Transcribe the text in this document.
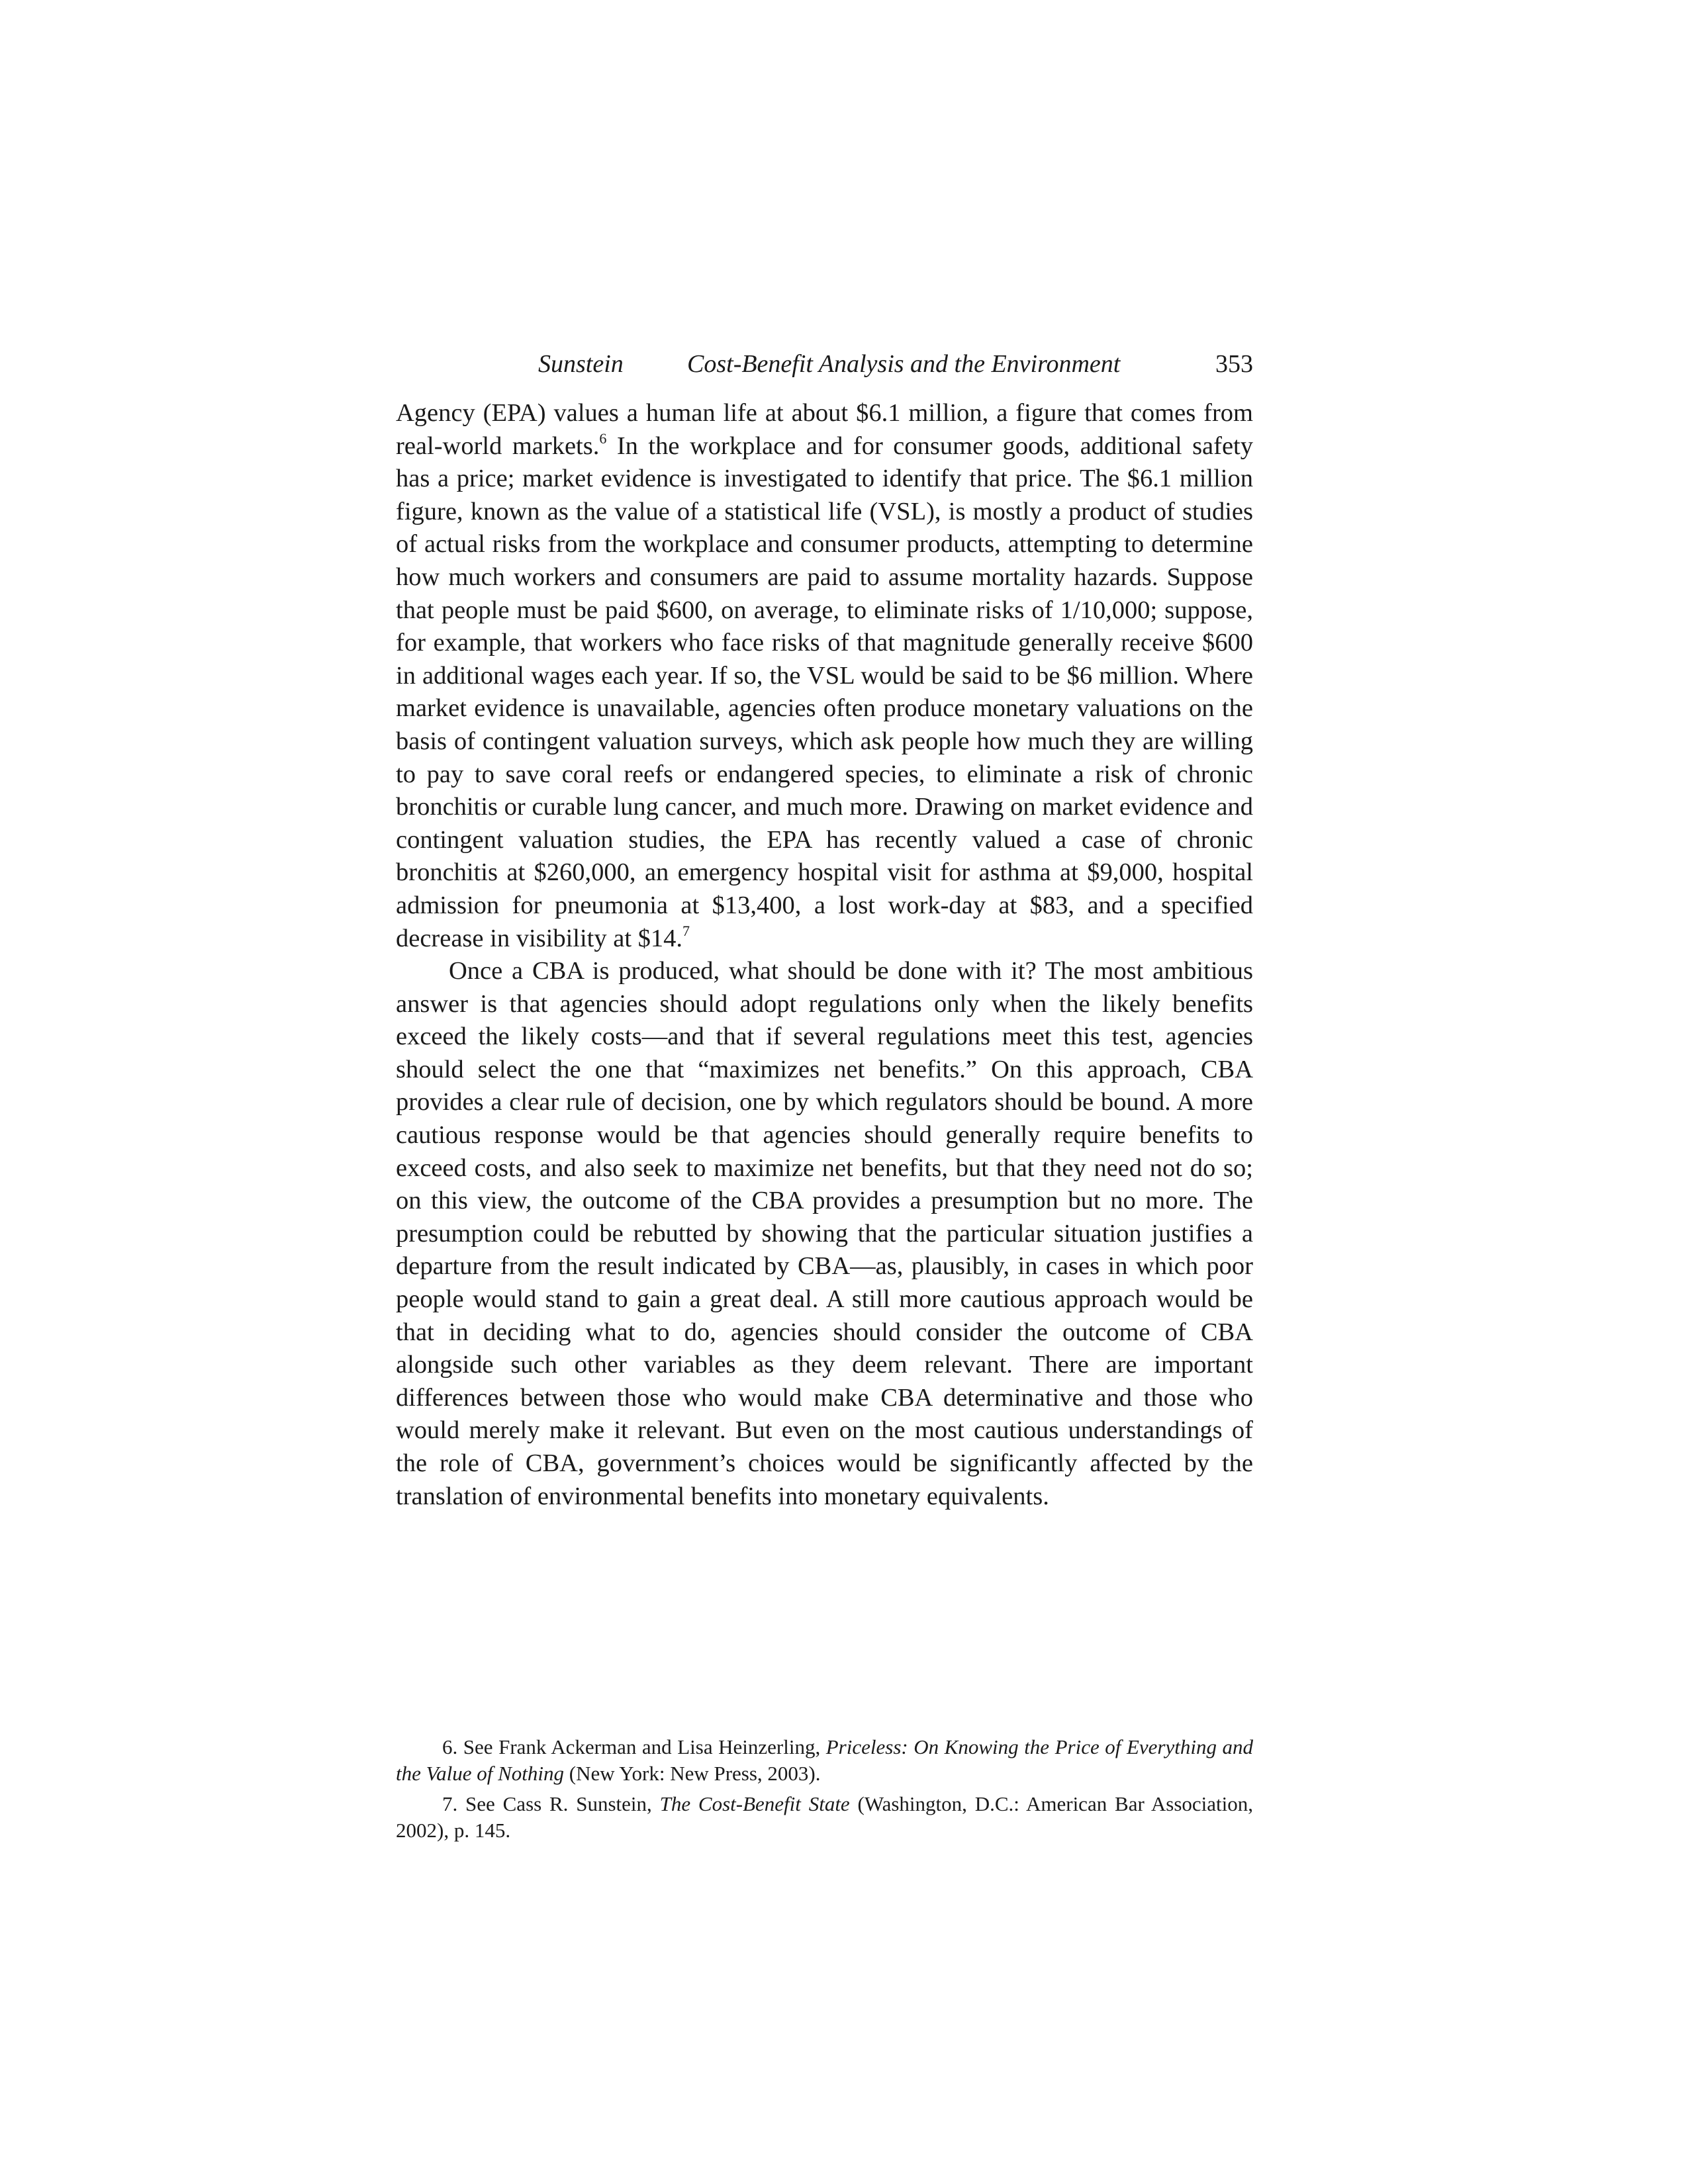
Sunstein	Cost-Benefit Analysis and the Environment	353

Agency (EPA) values a human life at about $6.1 million, a figure that comes from real-world markets.$^6$ In the workplace and for consumer goods, additional safety has a price; market evidence is investigated to identify that price. The $6.1 million figure, known as the value of a statistical life (VSL), is mostly a product of studies of actual risks from the workplace and consumer products, attempting to determine how much workers and consumers are paid to assume mortality hazards. Suppose that people must be paid $600, on average, to eliminate risks of 1/10,000; suppose, for example, that workers who face risks of that magnitude generally receive $600 in additional wages each year. If so, the VSL would be said to be $6 million. Where market evidence is unavailable, agencies often produce monetary valuations on the basis of contingent valuation surveys, which ask people how much they are willing to pay to save coral reefs or endangered species, to eliminate a risk of chronic bronchitis or curable lung cancer, and much more. Drawing on market evidence and contingent valuation studies, the EPA has recently valued a case of chronic bronchitis at $260,000, an emergency hospital visit for asthma at $9,000, hospital admission for pneumonia at $13,400, a lost work-day at $83, and a specified decrease in visibility at $14.$^7$

Once a CBA is produced, what should be done with it? The most ambitious answer is that agencies should adopt regulations only when the likely benefits exceed the likely costs—and that if several regulations meet this test, agencies should select the one that “maximizes net benefits.” On this approach, CBA provides a clear rule of decision, one by which regulators should be bound. A more cautious response would be that agencies should generally require benefits to exceed costs, and also seek to maximize net benefits, but that they need not do so; on this view, the outcome of the CBA provides a presumption but no more. The presumption could be rebutted by showing that the particular situation justifies a departure from the result indicated by CBA—as, plausibly, in cases in which poor people would stand to gain a great deal. A still more cautious approach would be that in deciding what to do, agencies should consider the outcome of CBA alongside such other variables as they deem relevant. There are important differences between those who would make CBA determinative and those who would merely make it relevant. But even on the most cautious understandings of the role of CBA, government’s choices would be significantly affected by the translation of environmental benefits into monetary equivalents.

6. See Frank Ackerman and Lisa Heinzerling, Priceless: On Knowing the Price of Everything and the Value of Nothing (New York: New Press, 2003).

7. See Cass R. Sunstein, The Cost-Benefit State (Washington, D.C.: American Bar Association, 2002), p. 145.
